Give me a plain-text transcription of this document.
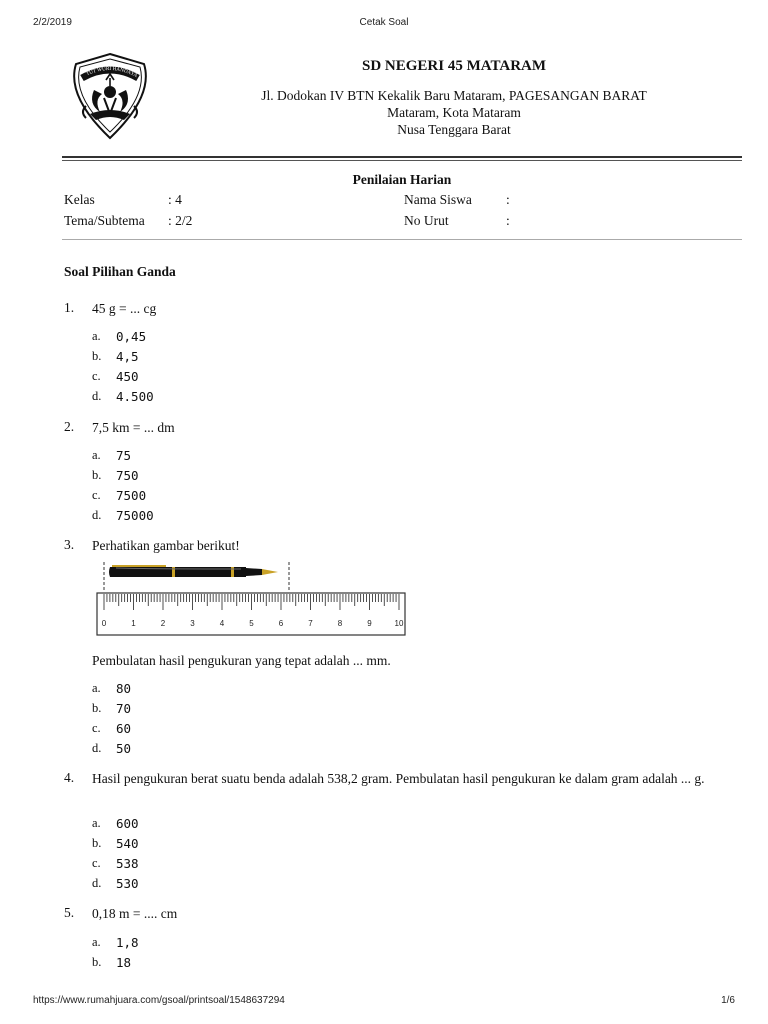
2/2/2019	Cetak Soal
TUT WURI HANDAYA
SD NEGERI 45 MATARAM
Jl. Dodokan IV BTN Kekalik Baru Mataram, PAGESANGAN BARAT
Mataram, Kota Mataram
Nusa Tenggara Barat
Penilaian Harian
Kelas	: 4
Tema/Subtema : 2/2
Nama Siswa	:
No Urut	:
Soal Pilihan Ganda
1. 45 g = ... cg
a. 0,45
b. 4,5
c. 450
d. 4.500
2. 7,5 km = ... dm
a. 75
b. 750
c. 7500
d. 75000
3. Perhatikan gambar berikut!
0	1	2	3	4	5	6	7	8	9	10
Pembulatan hasil pengukuran yang tepat adalah ... mm.
a. 80
b. 70
c. 60
d. 50
4. Hasil pengukuran berat suatu benda adalah 538,2 gram. Pembulatan hasil pengukuran ke dalam gram adalah ... g.
a. 600
b. 540
c. 538
d. 530
5. 0,18 m = .... cm
a. 1,8
b. 18
https://www.rumahjuara.com/gsoal/printsoal/1548637294	1/6
